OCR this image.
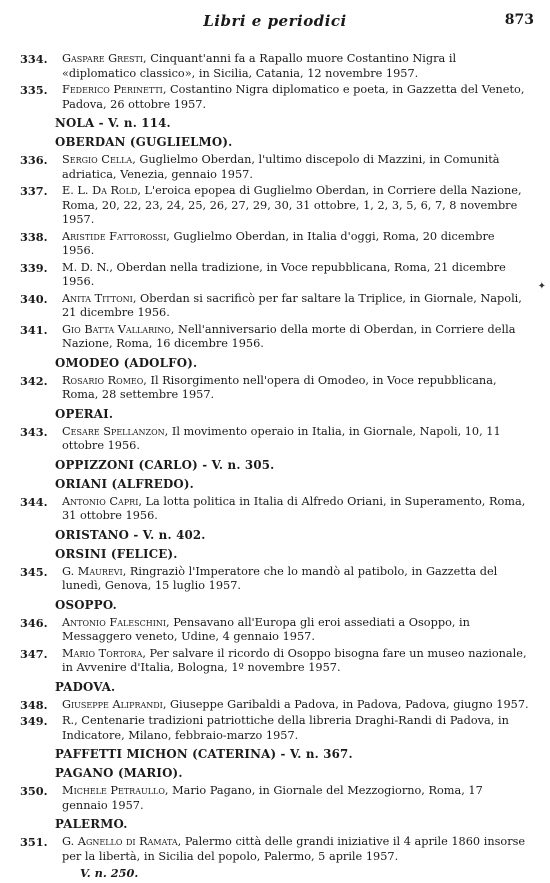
Libri e periodici	873
334. Gaspare Gresti, Cinquant'anni fa a Rapallo muore Costantino Nigra il «diplomatico classico», in Sicilia, Catania, 12 novembre 1957.
335. Federico Perinetti, Costantino Nigra diplomatico e poeta, in Gazzetta del Veneto, Padova, 26 ottobre 1957.
NOLA - V. n. 114.
OBERDAN (GUGLIELMO).
336. Sergio Cella, Guglielmo Oberdan, l'ultimo discepolo di Mazzini, in Comunità adriatica, Venezia, gennaio 1957.
337. E. L. Da Rold, L'eroica epopea di Guglielmo Oberdan, in Corriere della Nazione, Roma, 20, 22, 23, 24, 25, 26, 27, 29, 30, 31 ottobre, 1, 2, 3, 5, 6, 7, 8 novembre 1957.
338. Aristide Fattorossi, Guglielmo Oberdan, in Italia d'oggi, Roma, 20 dicembre 1956.
339. M. D. N., Oberdan nella tradizione, in Voce repubblicana, Roma, 21 dicembre 1956.
340. Anita Tittoni, Oberdan si sacrificò per far saltare la Triplice, in Giornale, Napoli, 21 dicembre 1956.
341. Gio Batta Vallarino, Nell'anniversario della morte di Oberdan, in Corriere della Nazione, Roma, 16 dicembre 1956.
OMODEO (ADOLFO).
342. Rosario Romeo, Il Risorgimento nell'opera di Omodeo, in Voce repubblicana, Roma, 28 settembre 1957.
OPERAI.
343. Cesare Spellanzon, Il movimento operaio in Italia, in Giornale, Napoli, 10, 11 ottobre 1956.
OPPIZZONI (CARLO) - V. n. 305.
ORIANI (ALFREDO).
344. Antonio Capri, La lotta politica in Italia di Alfredo Oriani, in Superamento, Roma, 31 ottobre 1956.
ORISTANO - V. n. 402.
ORSINI (FELICE).
345. G. Maurevi, Ringraziò l'Imperatore che lo mandò al patibolo, in Gazzetta del lunedì, Genova, 15 luglio 1957.
OSOPPO.
346. Antonio Faleschini, Pensavano all'Europa gli eroi assediati a Osoppo, in Messaggero veneto, Udine, 4 gennaio 1957.
347. Mario Tortora, Per salvare il ricordo di Osoppo bisogna fare un museo nazionale, in Avvenire d'Italia, Bologna, 1º novembre 1957.
PADOVA.
348. Giuseppe Aliprandi, Giuseppe Garibaldi a Padova, in Padova, Padova, giugno 1957.
349. R., Centenarie tradizioni patriottiche della libreria Draghi-Randi di Padova, in Indicatore, Milano, febbraio-marzo 1957.
PAFFETTI MICHON (CATERINA) - V. n. 367.
PAGANO (MARIO).
350. Michele Petraullo, Mario Pagano, in Giornale del Mezzogiorno, Roma, 17 gennaio 1957.
PALERMO.
351. G. Agnello di Ramata, Palermo città delle grandi iniziative il 4 aprile 1860 insorse per la libertà, in Sicilia del popolo, Palermo, 5 aprile 1957.
V. n. 250.
✦
